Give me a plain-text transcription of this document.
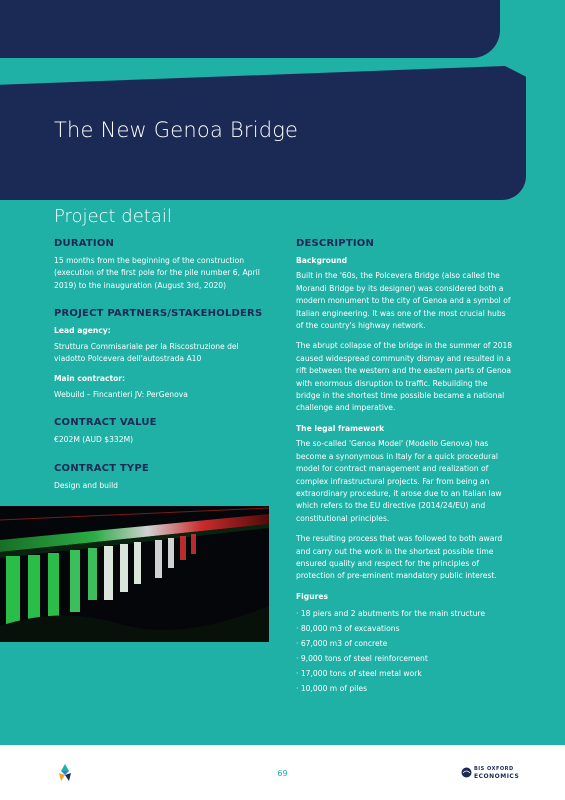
The New Genoa Bridge
Project detail
DURATION

15 months from the beginning of the construction (execution of the first pole for the pile number 6, April 2019) to the inauguration (August 3rd, 2020)

PROJECT PARTNERS/STAKEHOLDERS

Lead agency:

Struttura Commisariale per la Riscostruzione del viadotto Polcevera dell'autostrada A10

Main contractor:

Webuild – Fincantieri JV: PerGenova

CONTRACT VALUE

€202M (AUD $332M)

CONTRACT TYPE

Design and build

DESCRIPTION

Background

Built in the '60s, the Polcevera Bridge (also called the Morandi Bridge by its designer) was considered both a modern monument to the city of Genoa and a symbol of Italian engineering. It was one of the most crucial hubs of the country's highway network.

The abrupt collapse of the bridge in the summer of 2018 caused widespread community dismay and resulted in a rift between the western and the eastern parts of Genoa with enormous disruption to traffic. Rebuilding the bridge in the shortest time possible became a national challenge and imperative.

The legal framework

The so-called 'Genoa Model' (Modello Genova) has become a synonymous in Italy for a quick procedural model for contract management and realization of complex infrastructural projects. Far from being an extraordinary procedure, it arose due to an Italian law which refers to the EU directive (2014/24/EU) and constitutional principles.

The resulting process that was followed to both award and carry out the work in the shortest possible time ensured quality and respect for the principles of protection of pre-eminent mandatory public interest.

Figures

· 18 piers and 2 abutments for the main structure
· 80,000 m3 of excavations
· 67,000 m3 of concrete
· 9,000 tons of steel reinforcement
· 17,000 tons of steel metal work
· 10,000 m of piles
69	BIS OXFORD
ECONOMICS
